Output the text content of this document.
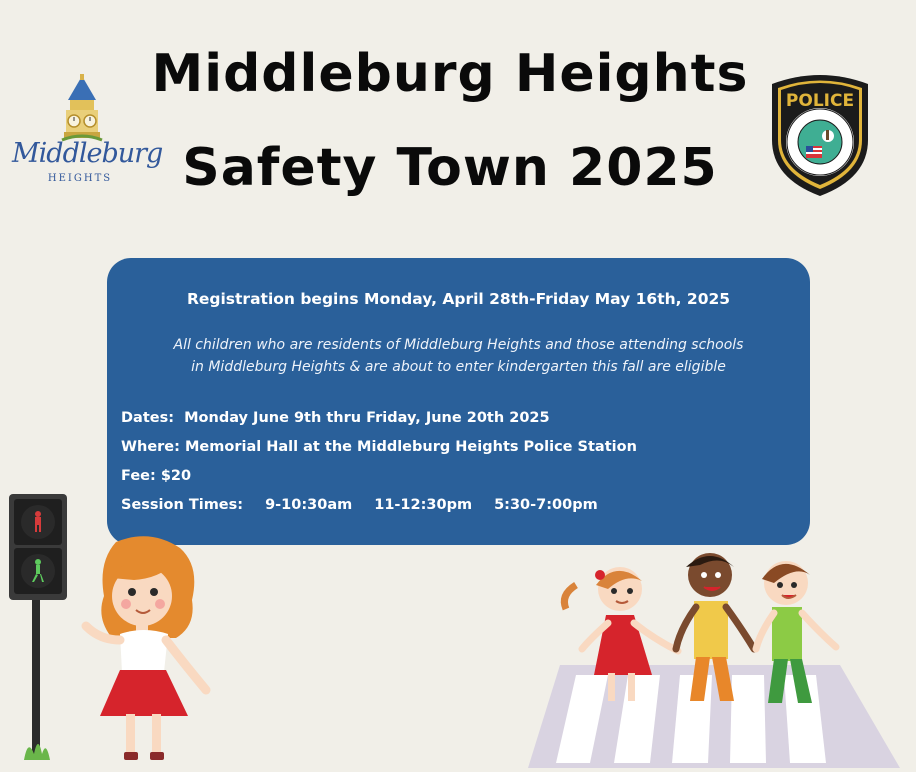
Middleburg Heights
Safety Town 2025
Middleburg
HEIGHTS
POLICE
Registration begins Monday, April 28th-Friday May 16th, 2025
All children who are residents of Middleburg Heights and those attending schools
in Middleburg Heights & are about to enter kindergarten this fall are eligible
Dates:  Monday June 9th thru Friday, June 20th 2025
Where: Memorial Hall at the Middleburg Heights Police Station
Fee: $20
Session Times: 9-10:30am 11-12:30pm 5:30-7:00pm
